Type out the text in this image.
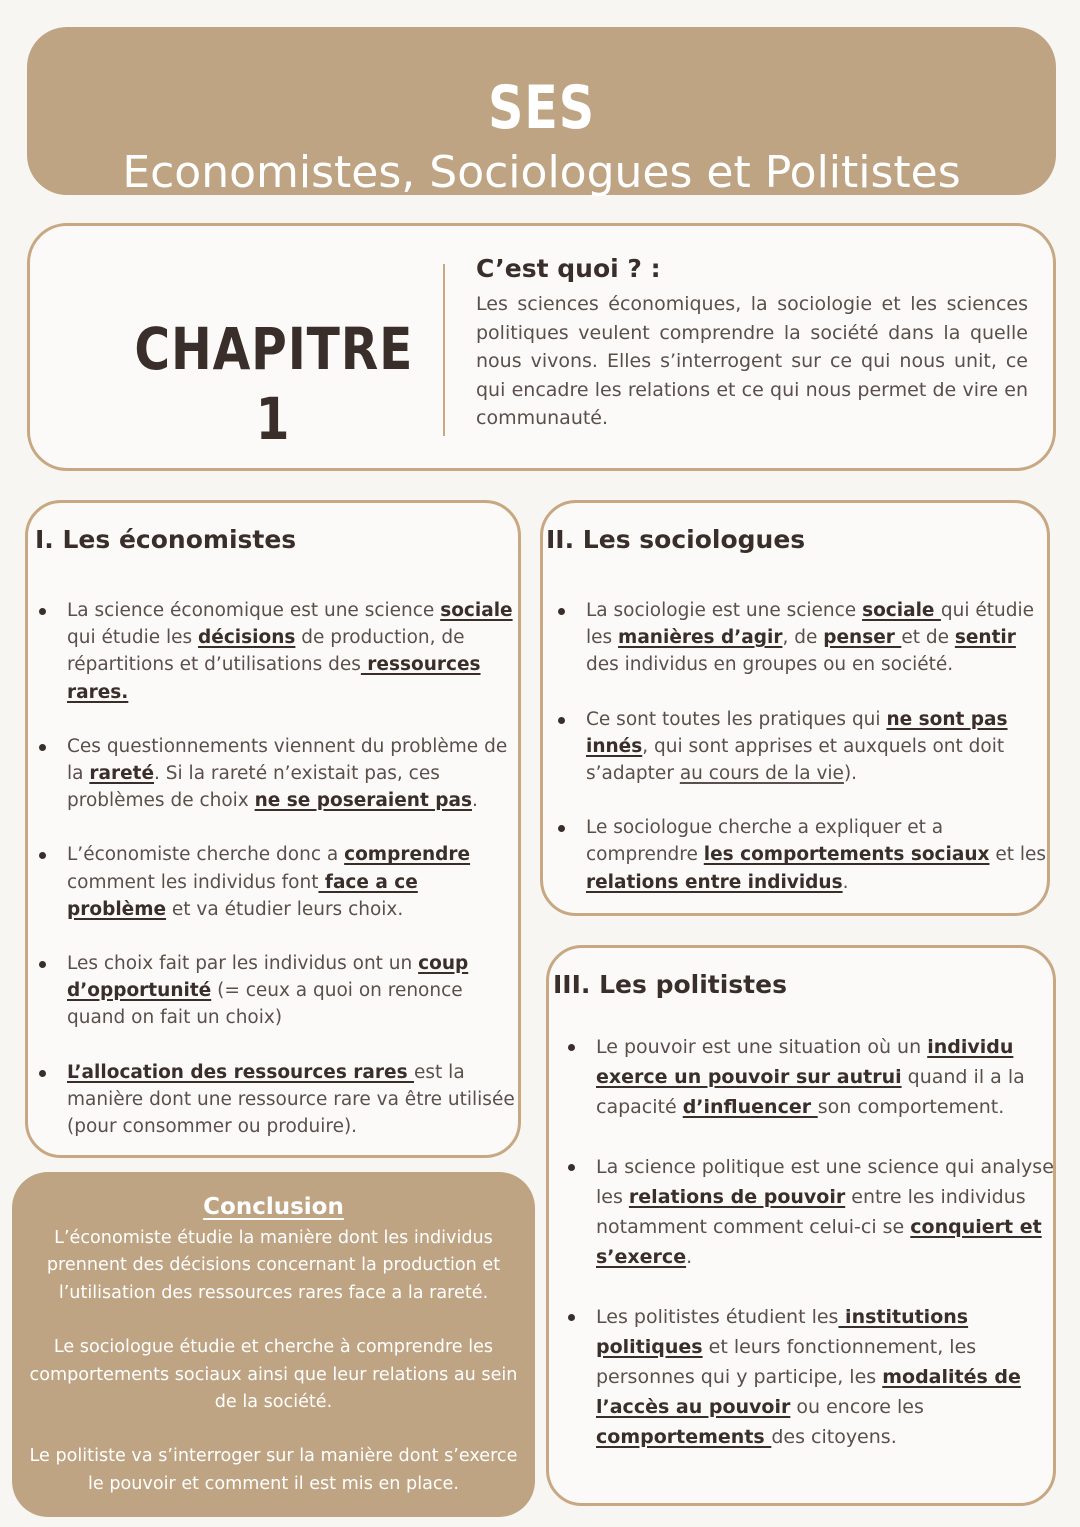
SES
Economistes, Sociologues et Politistes
CHAPITRE 1
C’est quoi ? :
Les sciences économiques, la sociologie et les sciences politiques veulent comprendre la société dans la quelle nous vivons. Elles s’interrogent sur ce qui nous unit, ce qui encadre les relations et ce qui nous permet de vire en communauté.
I. Les économistes
La science économique est une science sociale qui étudie les décisions de production, de répartitions et d’utilisations des ressources rares.
Ces questionnements viennent du problème de la rareté. Si la rareté n’existait pas, ces problèmes de choix ne se poseraient pas.
L’économiste cherche donc a comprendre comment les individus font face a ce problème et va étudier leurs choix.
Les choix fait par les individus ont un coup d’opportunité (= ceux a quoi on renonce quand on fait un choix)
L’allocation des ressources rares est la manière dont une ressource rare va être utilisée (pour consommer ou produire).
II. Les sociologues
La sociologie est une science sociale qui étudie les manières d’agir, de penser et de sentir des individus en groupes ou en société.
Ce sont toutes les pratiques qui ne sont pas innés, qui sont apprises et auxquels ont doit s’adapter au cours de la vie).
Le sociologue cherche a expliquer et a comprendre les comportements sociaux et les relations entre individus.
III. Les politistes
Le pouvoir est une situation où un individu exerce un pouvoir sur autrui quand il a la capacité d’influencer son comportement.
La science politique est une science qui analyse les relations de pouvoir entre les individus notamment comment celui-ci se conquiert et s’exerce.
Les politistes étudient les institutions politiques et leurs fonctionnement, les personnes qui y participe, les modalités de l’accès au pouvoir ou encore les comportements des citoyens.
Conclusion

L’économiste étudie la manière dont les individus prennent des décisions concernant la production et l’utilisation des ressources rares face a la rareté.

Le sociologue étudie et cherche à comprendre les comportements sociaux ainsi que leur relations au sein de la société.

Le politiste va s’interroger sur la manière dont s’exerce le pouvoir et comment il est mis en place.
